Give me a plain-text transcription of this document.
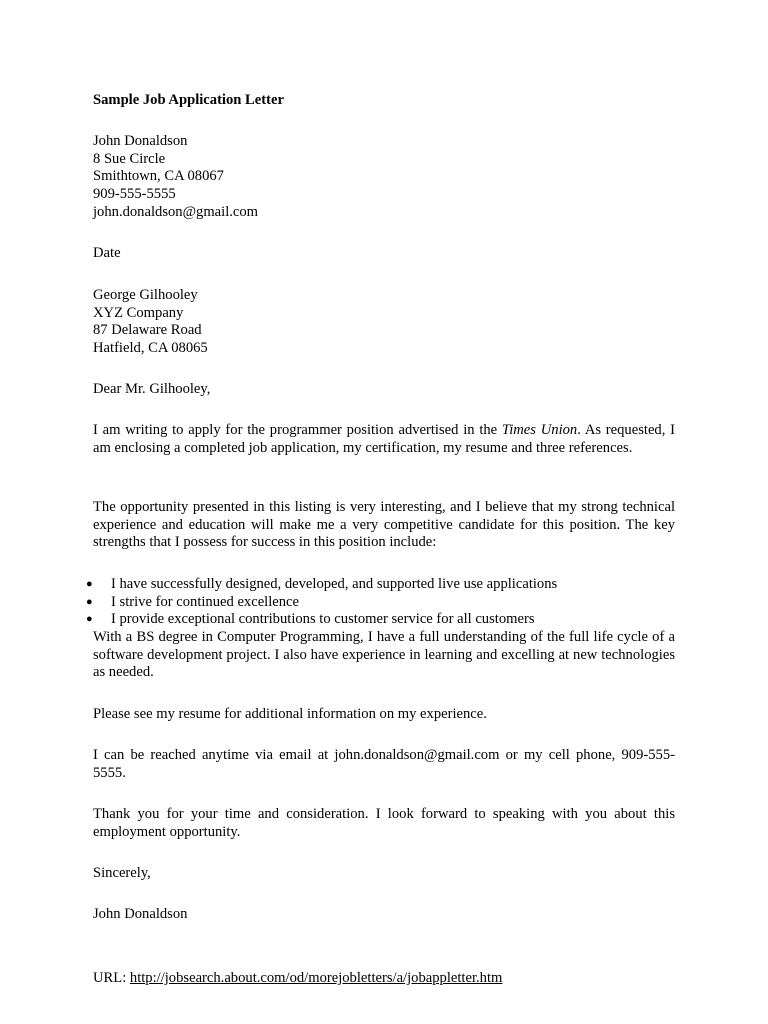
Sample Job Application Letter

John Donaldson
8 Sue Circle
Smithtown, CA 08067
909-555-5555
john.donaldson@gmail.com

Date

George Gilhooley
XYZ Company
87 Delaware Road
Hatfield, CA 08065

Dear Mr. Gilhooley,

I am writing to apply for the programmer position advertised in the Times Union. As requested, I am enclosing a completed job application, my certification, my resume and three references.

The opportunity presented in this listing is very interesting, and I believe that my strong technical experience and education will make me a very competitive candidate for this position. The key strengths that I possess for success in this position include:

● I have successfully designed, developed, and supported live use applications
● I strive for continued excellence
● I provide exceptional contributions to customer service for all customers

With a BS degree in Computer Programming, I have a full understanding of the full life cycle of a software development project. I also have experience in learning and excelling at new technologies as needed.

Please see my resume for additional information on my experience.

I can be reached anytime via email at john.donaldson@gmail.com or my cell phone, 909-555-5555.

Thank you for your time and consideration. I look forward to speaking with you about this employment opportunity.

Sincerely,

John Donaldson

URL: http://jobsearch.about.com/od/morejobletters/a/jobappletter.htm
